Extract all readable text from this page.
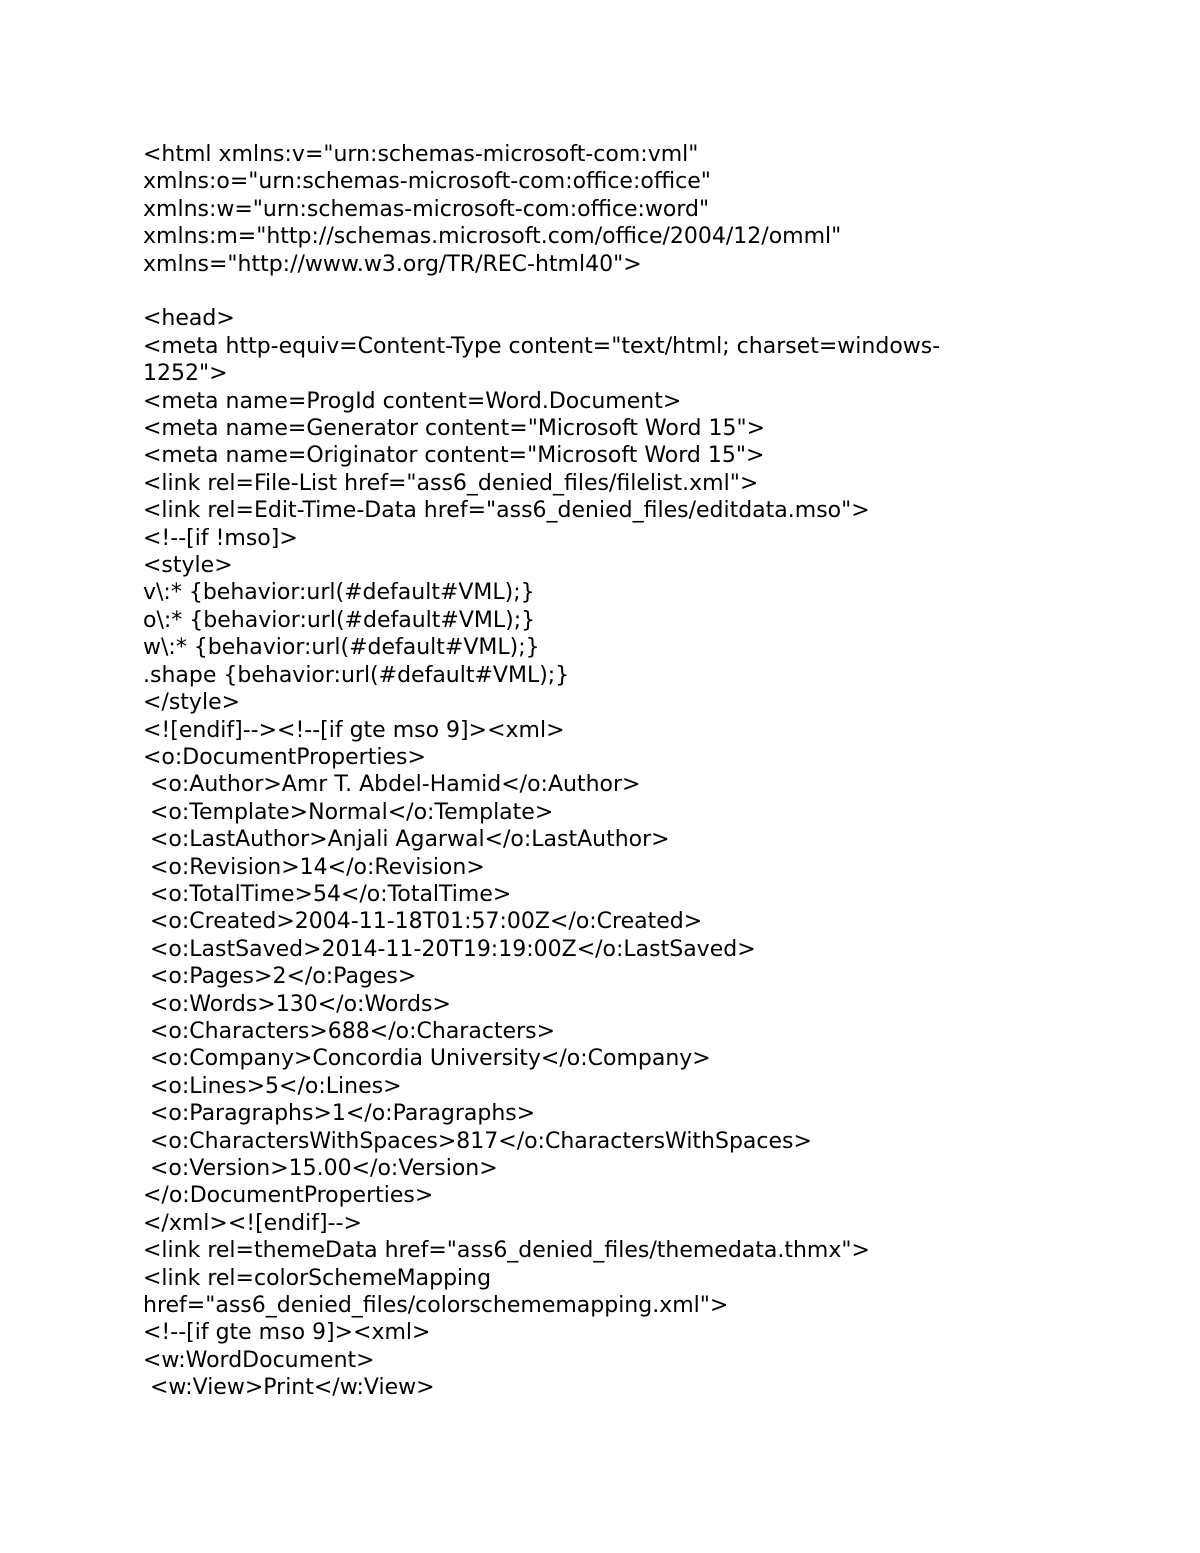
<html xmlns:v="urn:schemas-microsoft-com:vml"
xmlns:o="urn:schemas-microsoft-com:office:office"
xmlns:w="urn:schemas-microsoft-com:office:word"
xmlns:m="http://schemas.microsoft.com/office/2004/12/omml"
xmlns="http://www.w3.org/TR/REC-html40">
<head>
<meta http-equiv=Content-Type content="text/html; charset=windows-
1252">
<meta name=ProgId content=Word.Document>
<meta name=Generator content="Microsoft Word 15">
<meta name=Originator content="Microsoft Word 15">
<link rel=File-List href="ass6_denied_files/filelist.xml">
<link rel=Edit-Time-Data href="ass6_denied_files/editdata.mso">
<!--[if !mso]>
<style>
v\:* {behavior:url(#default#VML);}
o\:* {behavior:url(#default#VML);}
w\:* {behavior:url(#default#VML);}
.shape {behavior:url(#default#VML);}
</style>
<![endif]--><!--[if gte mso 9]><xml>
<o:DocumentProperties>
<o:Author>Amr T. Abdel-Hamid</o:Author>
<o:Template>Normal</o:Template>
<o:LastAuthor>Anjali Agarwal</o:LastAuthor>
<o:Revision>14</o:Revision>
<o:TotalTime>54</o:TotalTime>
<o:Created>2004-11-18T01:57:00Z</o:Created>
<o:LastSaved>2014-11-20T19:19:00Z</o:LastSaved>
<o:Pages>2</o:Pages>
<o:Words>130</o:Words>
<o:Characters>688</o:Characters>
<o:Company>Concordia University</o:Company>
<o:Lines>5</o:Lines>
<o:Paragraphs>1</o:Paragraphs>
<o:CharactersWithSpaces>817</o:CharactersWithSpaces>
<o:Version>15.00</o:Version>
</o:DocumentProperties>
</xml><![endif]-->
<link rel=themeData href="ass6_denied_files/themedata.thmx">
<link rel=colorSchemeMapping
href="ass6_denied_files/colorschememapping.xml">
<!--[if gte mso 9]><xml>
<w:WordDocument>
<w:View>Print</w:View>
